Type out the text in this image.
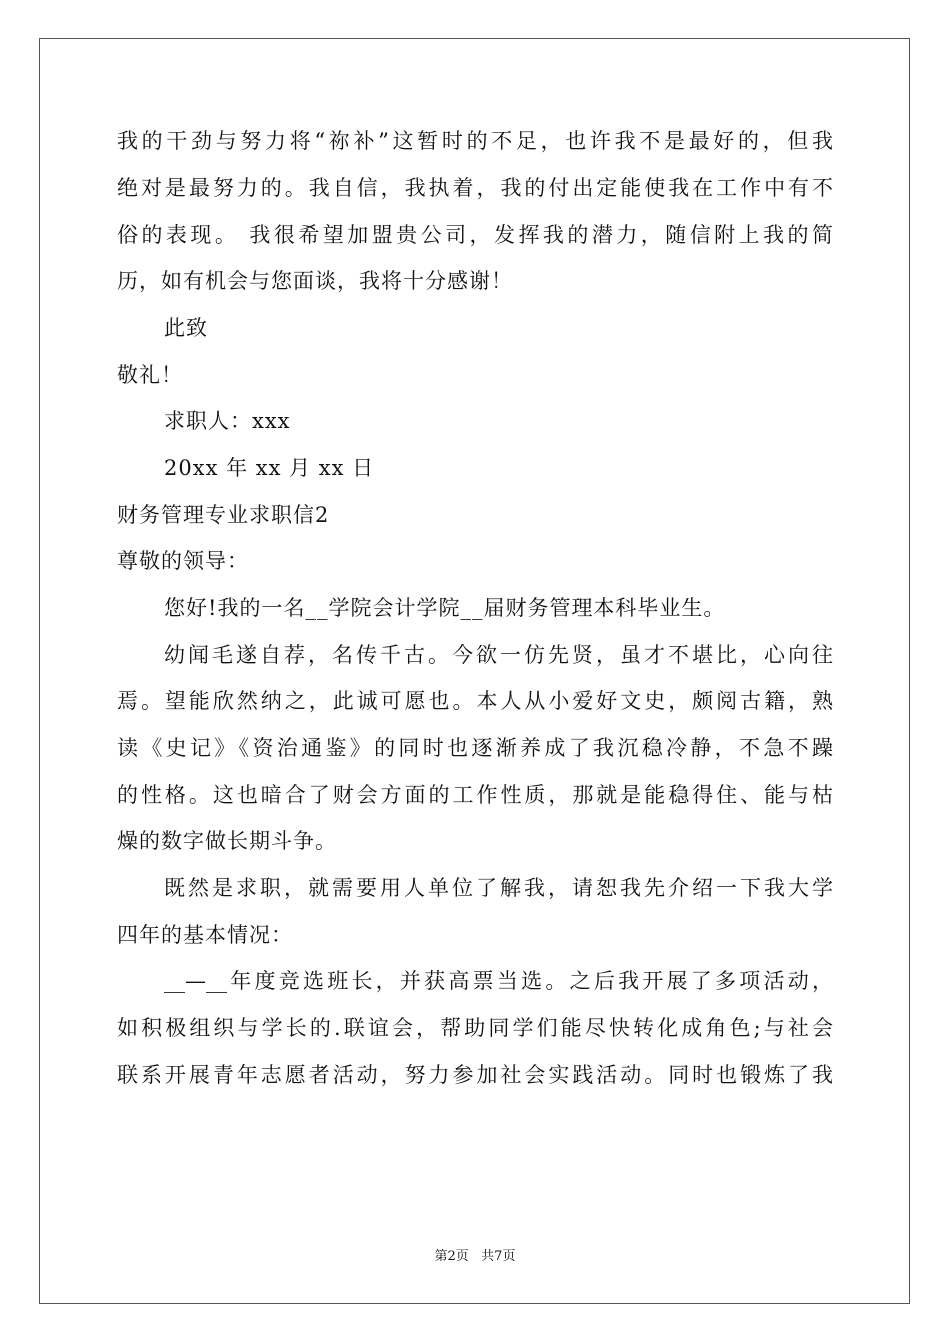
我的干劲与努力将“祢补”这暂时的不足，也许我不是最好的，但我
绝对是最努力的。我自信，我执着，我的付出定能使我在工作中有不
俗的表现。 我很希望加盟贵公司，发挥我的潜力，随信附上我的简
历，如有机会与您面谈，我将十分感谢！
此致
敬礼！
求职人：xxx
20xx 年 xx 月 xx 日
财务管理专业求职信2
尊敬的领导：
您好!我的一名__学院会计学院__届财务管理本科毕业生。
幼闻毛遂自荐，名传千古。今欲一仿先贤，虽才不堪比，心向往
焉。望能欣然纳之，此诚可愿也。本人从小爱好文史，颇阅古籍，熟
读《史记》《资治通鉴》的同时也逐渐养成了我沉稳冷静，不急不躁
的性格。这也暗合了财会方面的工作性质，那就是能稳得住、能与枯
燥的数字做长期斗争。
既然是求职，就需要用人单位了解我，请恕我先介绍一下我大学
四年的基本情况：
__—__年度竞选班长，并获高票当选。之后我开展了多项活动，
如积极组织与学长的.联谊会，帮助同学们能尽快转化成角色;与社会
联系开展青年志愿者活动，努力参加社会实践活动。同时也锻炼了我
第2页   共7页
